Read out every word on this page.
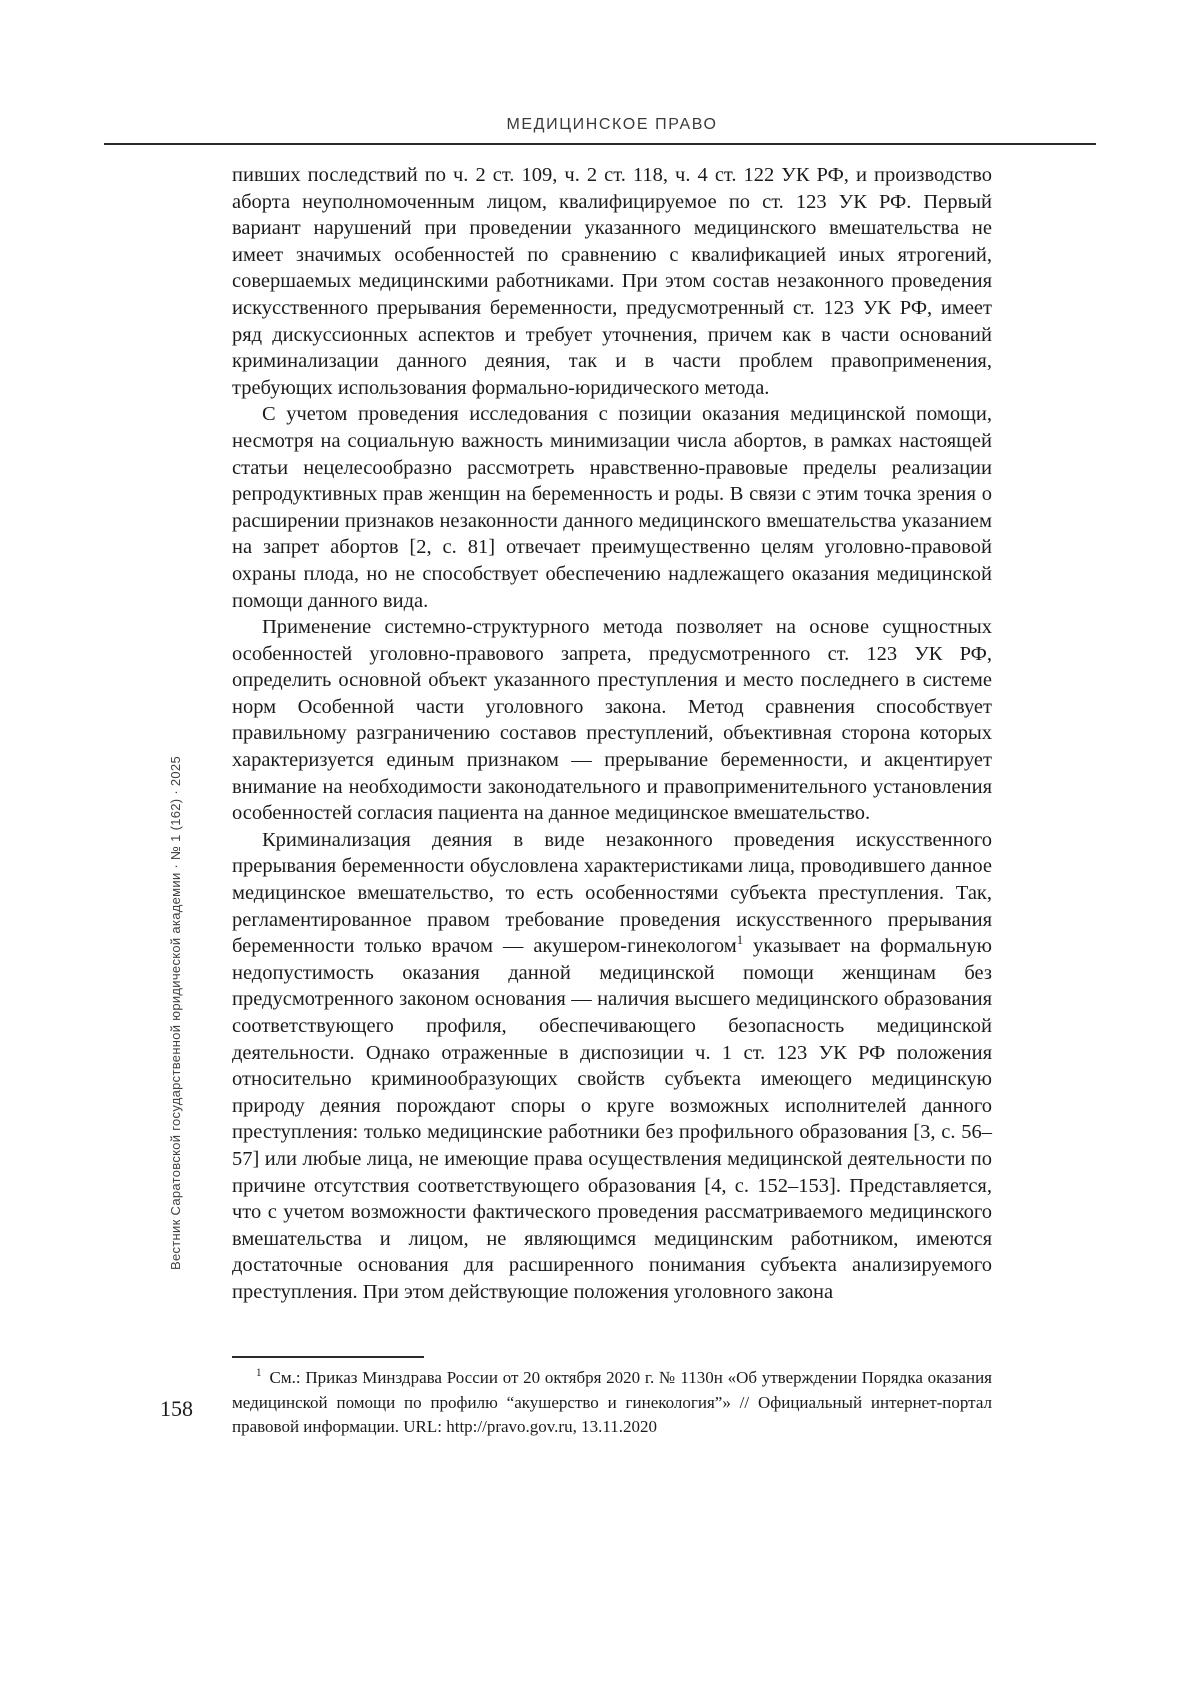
МЕДИЦИНСКОЕ ПРАВО

пивших последствий по ч. 2 ст. 109, ч. 2 ст. 118, ч. 4 ст. 122 УК РФ, и производство аборта неуполномоченным лицом, квалифицируемое по ст. 123 УК РФ. Первый вариант нарушений при проведении указанного медицинского вмешательства не имеет значимых особенностей по сравнению с квалификацией иных ятрогений, совершаемых медицинскими работниками. При этом состав незаконного проведения искусственного прерывания беременности, предусмотренный ст. 123 УК РФ, имеет ряд дискуссионных аспектов и требует уточнения, причем как в части оснований криминализации данного деяния, так и в части проблем правоприменения, требующих использования формально-юридического метода.

С учетом проведения исследования с позиции оказания медицинской помощи, несмотря на социальную важность минимизации числа абортов, в рамках настоящей статьи нецелесообразно рассмотреть нравственно-правовые пределы реализации репродуктивных прав женщин на беременность и роды. В связи с этим точка зрения о расширении признаков незаконности данного медицинского вмешательства указанием на запрет абортов [2, с. 81] отвечает преимущественно целям уголовно-правовой охраны плода, но не способствует обеспечению надлежащего оказания медицинской помощи данного вида.

Применение системно-структурного метода позволяет на основе сущностных особенностей уголовно-правового запрета, предусмотренного ст. 123 УК РФ, определить основной объект указанного преступления и место последнего в системе норм Особенной части уголовного закона. Метод сравнения способствует правильному разграничению составов преступлений, объективная сторона которых характеризуется единым признаком — прерывание беременности, и акцентирует внимание на необходимости законодательного и правоприменительного установления особенностей согласия пациента на данное медицинское вмешательство.

Криминализация деяния в виде незаконного проведения искусственного прерывания беременности обусловлена характеристиками лица, проводившего данное медицинское вмешательство, то есть особенностями субъекта преступления. Так, регламентированное правом требование проведения искусственного прерывания беременности только врачом — акушером-гинекологом$^1$ указывает на формальную недопустимость оказания данной медицинской помощи женщинам без предусмотренного законом основания — наличия высшего медицинского образования соответствующего профиля, обеспечивающего безопасность медицинской деятельности. Однако отраженные в диспозиции ч. 1 ст. 123 УК РФ положения относительно криминообразующих свойств субъекта имеющего медицинскую природу деяния порождают споры о круге возможных исполнителей данного преступления: только медицинские работники без профильного образования [3, с. 56–57] или любые лица, не имеющие права осуществления медицинской деятельности по причине отсутствия соответствующего образования [4, с. 152–153]. Представляется, что с учетом возможности фактического проведения рассматриваемого медицинского вмешательства и лицом, не являющимся медицинским работником, имеются достаточные основания для расширенного понимания субъекта анализируемого преступления. При этом действующие положения уголовного закона

$^1$ См.: Приказ Минздрава России от 20 октября 2020 г. № 1130н «Об утверждении Порядка оказания медицинской помощи по профилю “акушерство и гинекология”» // Официальный интернет-портал правовой информации. URL: http://pravo.gov.ru, 13.11.2020

158
Вестник Саратовской государственной юридической академии · № 1 (162) · 2025
